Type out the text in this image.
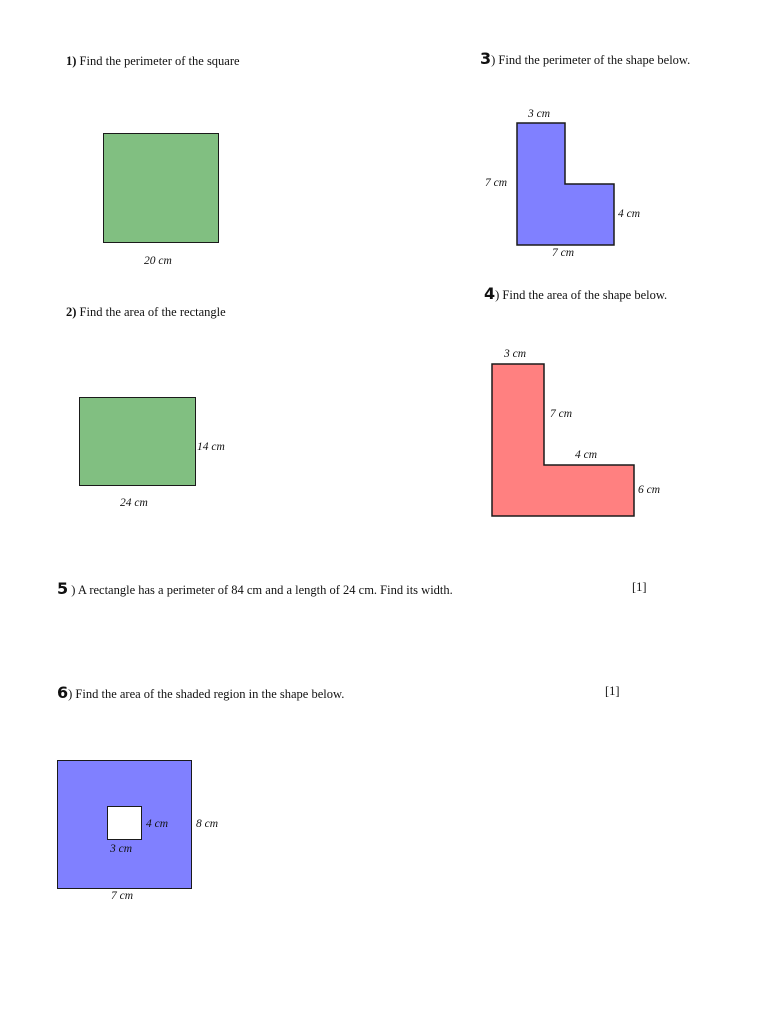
1) Find the perimeter of the square
20 cm
2) Find the area of the rectangle
14 cm
24 cm
3) Find the perimeter of the shape below.
3 cm
7 cm
4 cm
7 cm
4) Find the area of the shape below.
3 cm
7 cm
4 cm
6 cm
5 ) A rectangle has a perimeter of 84 cm and a length of 24 cm. Find its width.	[1]
6) Find the area of the shaded region in the shape below.	[1]
4 cm
3 cm
8 cm
7 cm
